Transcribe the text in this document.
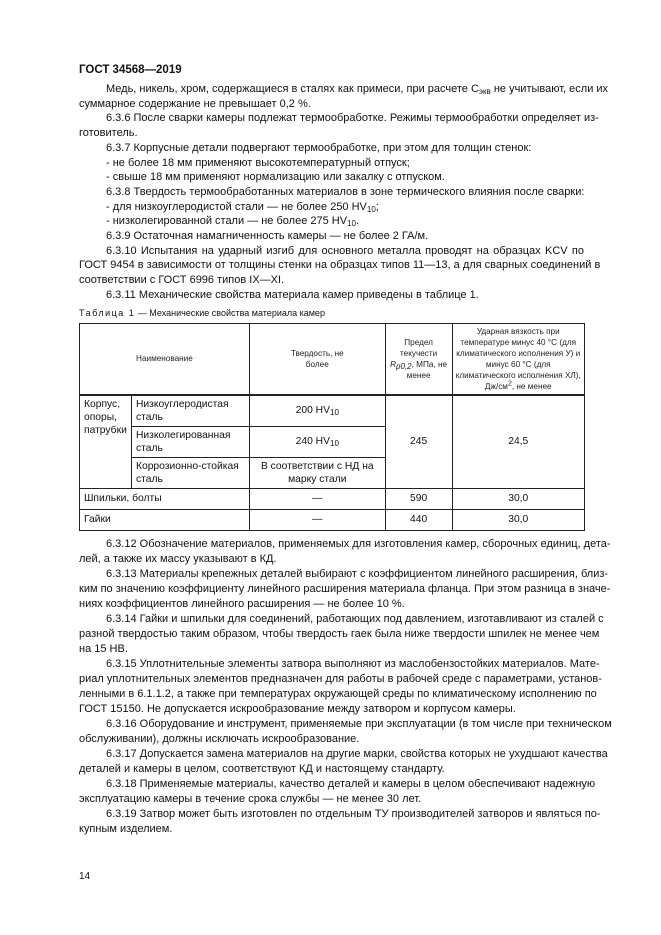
ГОСТ 34568—2019
Медь, никель, хром, содержащиеся в сталях как примеси, при расчете $С_{экв}$ не учитывают, если их
суммарное содержание не превышает 0,2 %.
6.3.6 После сварки камеры подлежат термообработке. Режимы термообработки определяет из-
готовитель.
6.3.7 Корпусные детали подвергают термообработке, при этом для толщин стенок:
- не более 18 мм применяют высокотемпературный отпуск;
- свыше 18 мм применяют нормализацию или закалку с отпуском.
6.3.8 Твердость термообработанных материалов в зоне термического влияния после сварки:
- для низкоуглеродистой стали — не более 250 $HV_{10}$;
- низколегированной стали — не более 275 $HV_{10}$.
6.3.9 Остаточная намагниченность камеры — не более 2 ГА/м.
6.3.10 Испытания на ударный изгиб для основного металла проводят на образцах KCV по
ГОСТ 9454 в зависимости от толщины стенки на образцах типов 11—13, а для сварных соединений в
соответствии с ГОСТ 6996 типов IX—XI.
6.3.11 Механические свойства материала камер приведены в таблице 1.
Таблица 1 — Механические свойства материала камер
Наименование		Твердость, не более	Предел текучести $R_{p0,2}$, МПа, не менее	Ударная вязкость при температуре минус 40 °С (для климатического исполнения У) и минус 60 °С (для климатического исполнения ХЛ), $Дж/см^2$, не менее
Корпус, опоры, патрубки	Низкоуглеродистая сталь	200 $HV_{10}$	245	24,5
	Низколегированная сталь	240 $HV_{10}$
	Коррозионно-стойкая сталь	В соответствии с НД на марку стали		
Шпильки, болты		—	590	30,0
Гайки		—	440	30,0
6.3.12 Обозначение материалов, применяемых для изготовления камер, сборочных единиц, дета-
лей, а также их массу указывают в КД.
6.3.13 Материалы крепежных деталей выбирают с коэффициентом линейного расширения, близ-
ким по значению коэффициенту линейного расширения материала фланца. При этом разница в значе-
ниях коэффициентов линейного расширения — не более 10 %.
6.3.14 Гайки и шпильки для соединений, работающих под давлением, изготавливают из сталей с
разной твердостью таким образом, чтобы твердость гаек была ниже твердости шпилек не менее чем
на 15 НВ.
6.3.15 Уплотнительные элементы затвора выполняют из маслобензостойких материалов. Мате-
риал уплотнительных элементов предназначен для работы в рабочей среде с параметрами, установ-
ленными в 6.1.1.2, а также при температурах окружающей среды по климатическому исполнению по
ГОСТ 15150. Не допускается искрообразование между затвором и корпусом камеры.
6.3.16 Оборудование и инструмент, применяемые при эксплуатации (в том числе при техническом
обслуживании), должны исключать искрообразование.
6.3.17 Допускается замена материалов на другие марки, свойства которых не ухудшают качества
деталей и камеры в целом, соответствуют КД и настоящему стандарту.
6.3.18 Применяемые материалы, качество деталей и камеры в целом обеспечивают надежную
эксплуатацию камеры в течение срока службы — не менее 30 лет.
6.3.19 Затвор может быть изготовлен по отдельным ТУ производителей затворов и являться по-
купным изделием.
14
